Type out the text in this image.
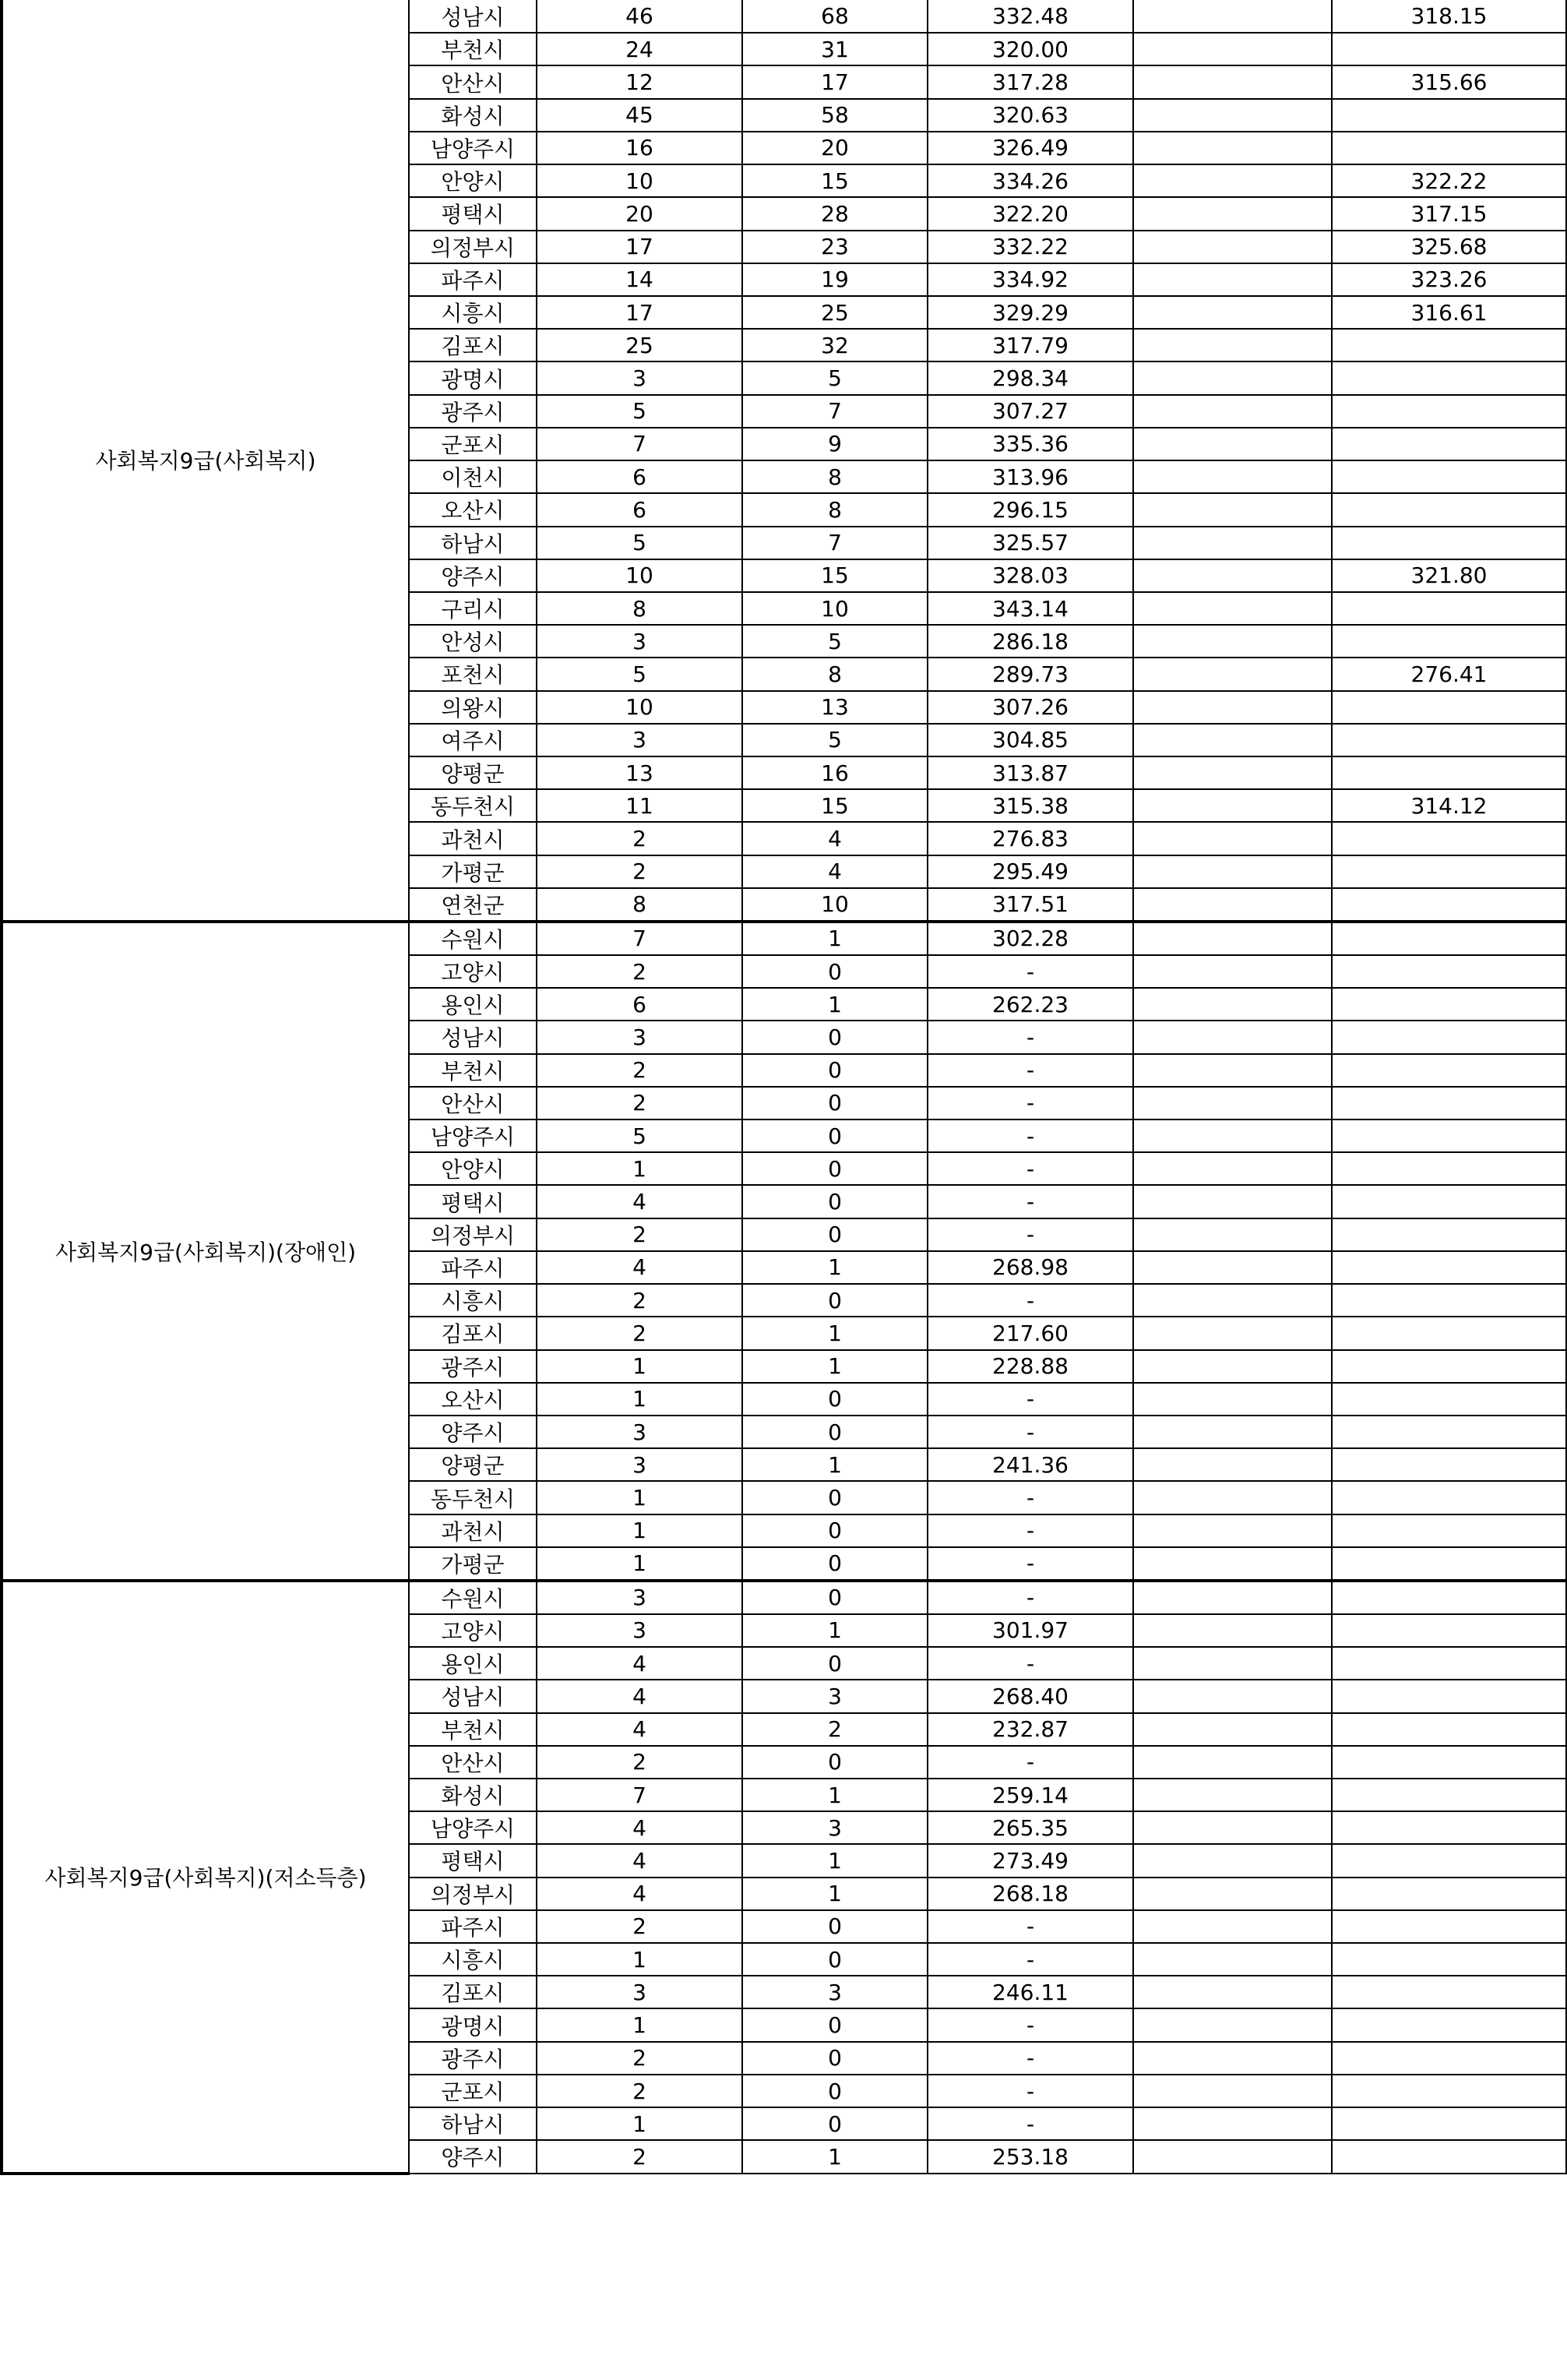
사회복지9급(사회복지)	성남시	46	68	332.48		318.15
	부천시	24	31	320.00		
	안산시	12	17	317.28		315.66
	화성시	45	58	320.63		
	남양주시	16	20	326.49		
	안양시	10	15	334.26		322.22
	평택시	20	28	322.20		317.15
	의정부시	17	23	332.22		325.68
	파주시	14	19	334.92		323.26
	시흥시	17	25	329.29		316.61
	김포시	25	32	317.79		
	광명시	3	5	298.34		
	광주시	5	7	307.27		
	군포시	7	9	335.36		
	이천시	6	8	313.96		
	오산시	6	8	296.15		
	하남시	5	7	325.57		
	양주시	10	15	328.03		321.80
	구리시	8	10	343.14		
	안성시	3	5	286.18		
	포천시	5	8	289.73		276.41
	의왕시	10	13	307.26		
	여주시	3	5	304.85		
	양평군	13	16	313.87		
	동두천시	11	15	315.38		314.12
	과천시	2	4	276.83		
	가평군	2	4	295.49		
	연천군	8	10	317.51		
사회복지9급(사회복지)(장애인)	수원시	7	1	302.28		
	고양시	2	0	-		
	용인시	6	1	262.23		
	성남시	3	0	-		
	부천시	2	0	-		
	안산시	2	0	-		
	남양주시	5	0	-		
	안양시	1	0	-		
	평택시	4	0	-		
	의정부시	2	0	-		
	파주시	4	1	268.98		
	시흥시	2	0	-		
	김포시	2	1	217.60		
	광주시	1	1	228.88		
	오산시	1	0	-		
	양주시	3	0	-		
	양평군	3	1	241.36		
	동두천시	1	0	-		
	과천시	1	0	-		
	가평군	1	0	-		
사회복지9급(사회복지)(저소득층)	수원시	3	0	-		
	고양시	3	1	301.97		
	용인시	4	0	-		
	성남시	4	3	268.40		
	부천시	4	2	232.87		
	안산시	2	0	-		
	화성시	7	1	259.14		
	남양주시	4	3	265.35		
	평택시	4	1	273.49		
	의정부시	4	1	268.18		
	파주시	2	0	-		
	시흥시	1	0	-		
	김포시	3	3	246.11		
	광명시	1	0	-		
	광주시	2	0	-		
	군포시	2	0	-		
	하남시	1	0	-		
	양주시	2	1	253.18		
